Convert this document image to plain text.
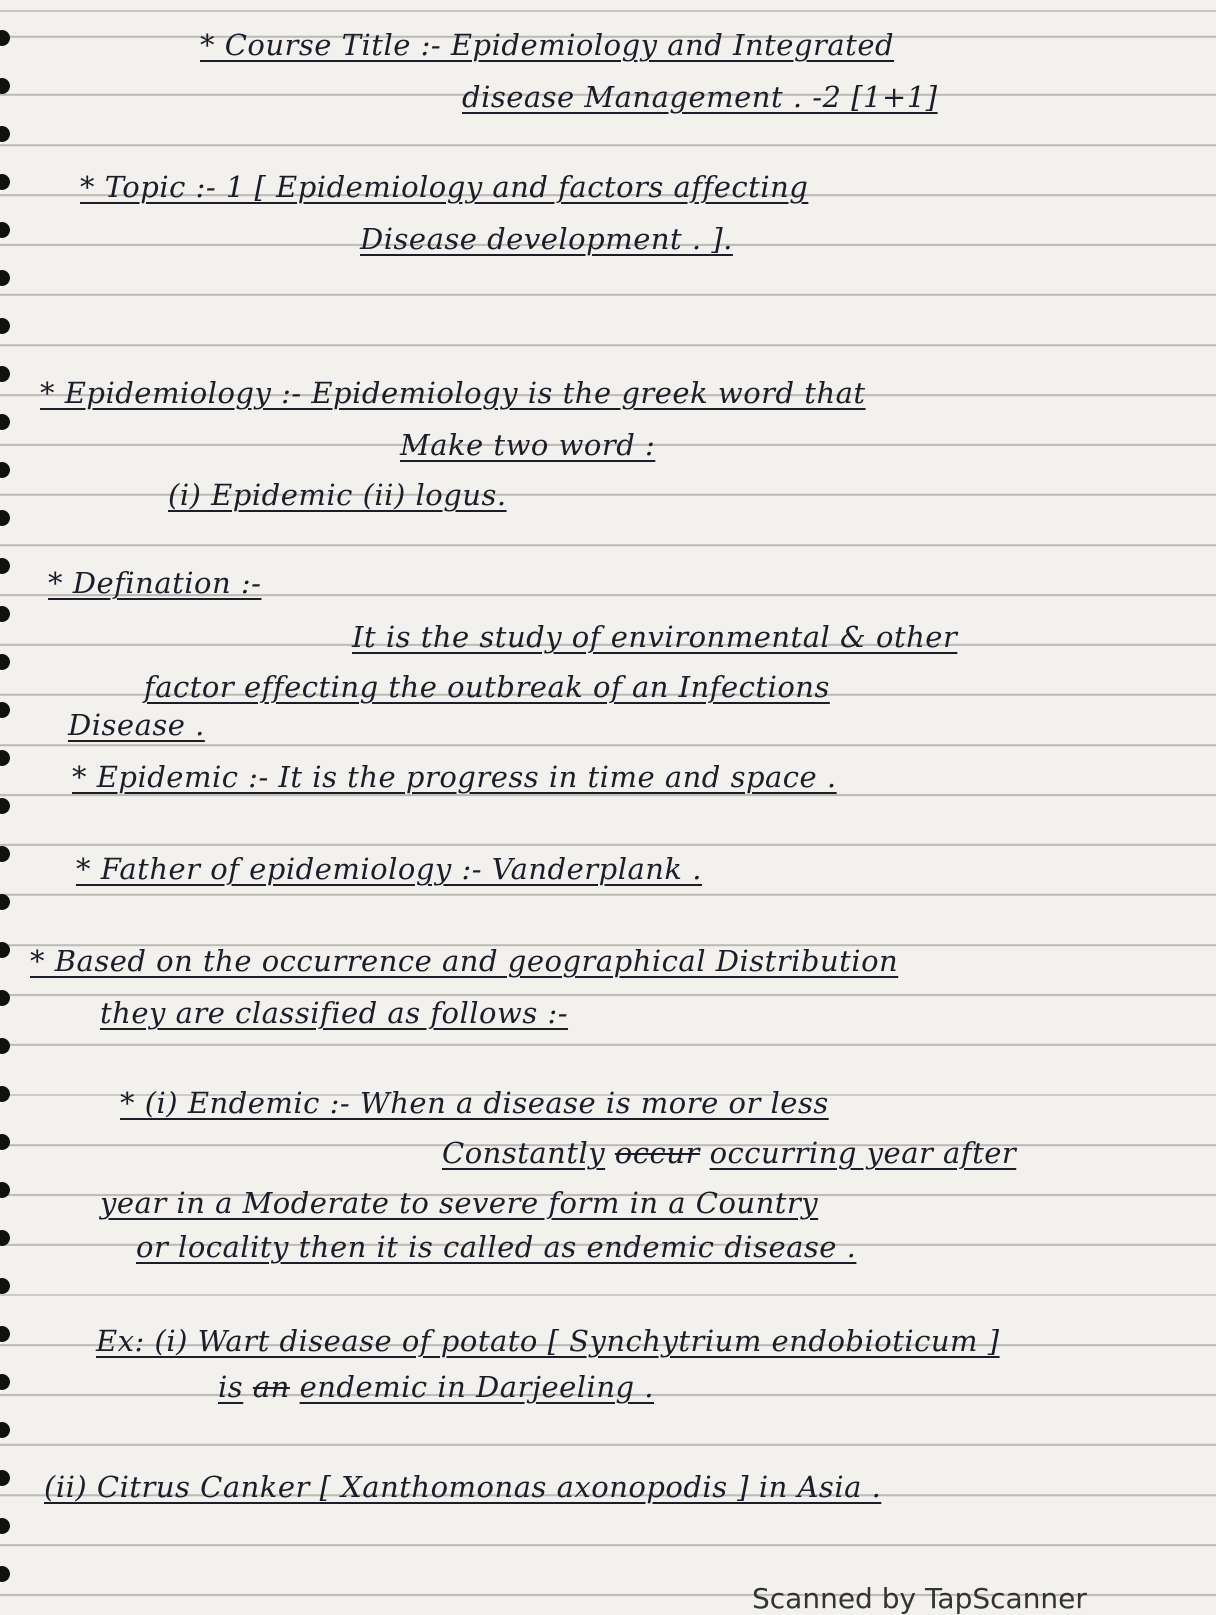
* Course Title :- Epidemiology and Integrated
disease Management . -2 [1+1]
* Topic :- 1 [ Epidemiology and factors affecting
Disease development . ].
* Epidemiology :- Epidemiology is the greek word that
Make two word :
(i) Epidemic (ii) logus.
* Defination :-
It is the study of environmental & other
factor effecting the outbreak of an Infections
Disease .
* Epidemic :- It is the progress in time and space .
* Father of epidemiology :- Vanderplank .
* Based on the occurrence and geographical Distribution
they are classified as follows :-
* (i) Endemic :- When a disease is more or less
Constantly occur occurring year after
year in a Moderate to severe form in a Country
or locality then it is called as endemic disease .
Ex: (i) Wart disease of potato [ Synchytrium endobioticum ]
is an endemic in Darjeeling .
(ii) Citrus Canker [ Xanthomonas axonopodis ] in Asia .
Scanned by TapScanner
